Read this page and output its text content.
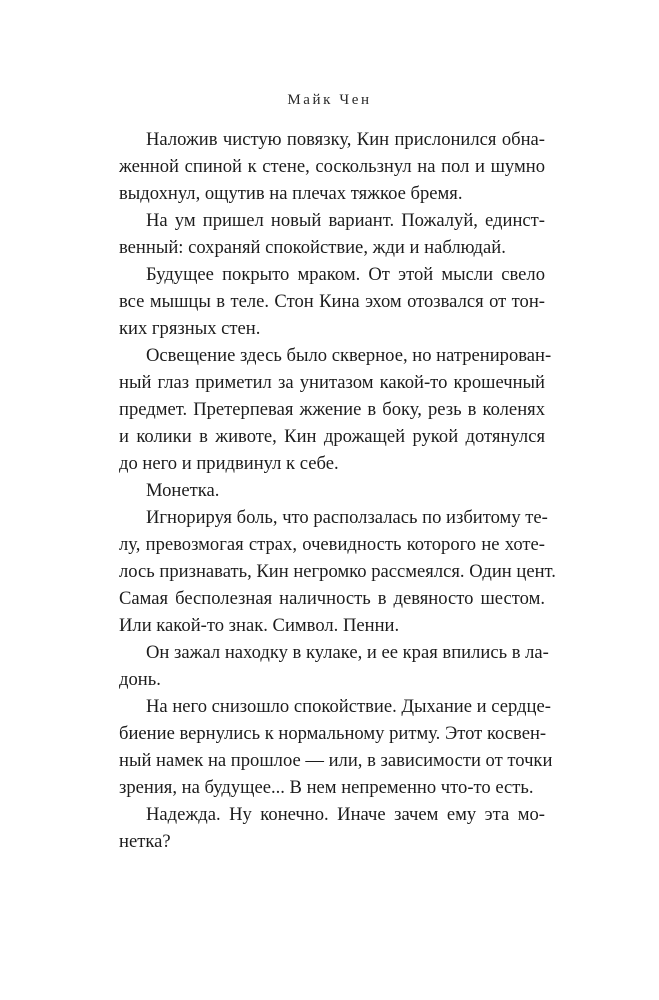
Майк Чен
Наложив чистую повязку, Кин прислонился обна-
женной спиной к стене, соскользнул на пол и шумно
выдохнул, ощутив на плечах тяжкое бремя.
На ум пришел новый вариант. Пожалуй, единст-
венный: сохраняй спокойствие, жди и наблюдай.
Будущее покрыто мраком. От этой мысли свело
все мышцы в теле. Стон Кина эхом отозвался от тон-
ких грязных стен.
Освещение здесь было скверное, но натренирован-
ный глаз приметил за унитазом какой-то крошечный
предмет. Претерпевая жжение в боку, резь в коленях
и колики в животе, Кин дрожащей рукой дотянулся
до него и придвинул к себе.
Монетка.
Игнорируя боль, что расползалась по избитому те-
лу, превозмогая страх, очевидность которого не хоте-
лось признавать, Кин негромко рассмеялся. Один цент.
Самая бесполезная наличность в девяносто шестом.
Или какой-то знак. Символ. Пенни.
Он зажал находку в кулаке, и ее края впились в ла-
донь.
На него снизошло спокойствие. Дыхание и сердце-
биение вернулись к нормальному ритму. Этот косвен-
ный намек на прошлое — или, в зависимости от точки
зрения, на будущее... В нем непременно что-то есть.
Надежда. Ну конечно. Иначе зачем ему эта мо-
нетка?
